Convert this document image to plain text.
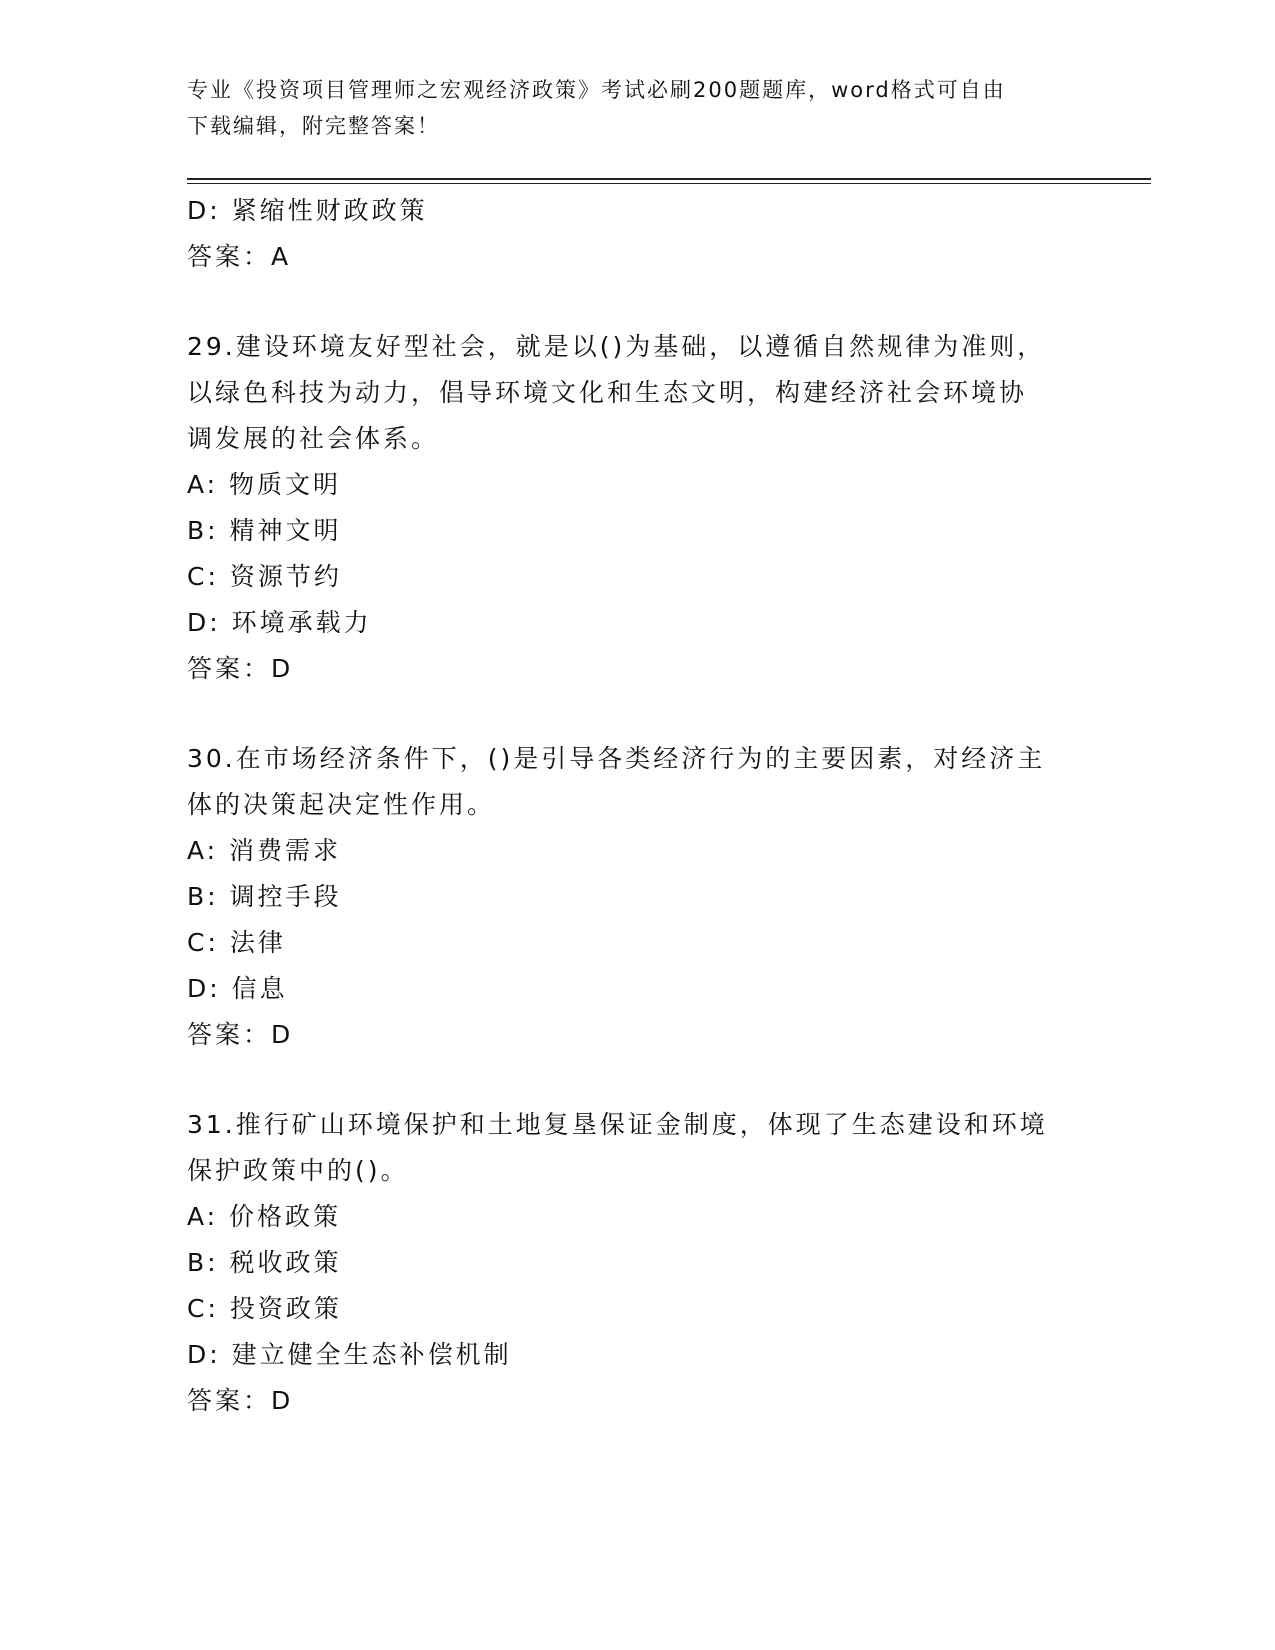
专业《投资项目管理师之宏观经济政策》考试必刷200题题库，word格式可自由
下载编辑，附完整答案！
D: 紧缩性财政政策
答案：A
29.建设环境友好型社会，就是以()为基础，以遵循自然规律为准则，
以绿色科技为动力，倡导环境文化和生态文明，构建经济社会环境协
调发展的社会体系。
A: 物质文明
B: 精神文明
C: 资源节约
D: 环境承载力
答案：D
30.在市场经济条件下，()是引导各类经济行为的主要因素，对经济主
体的决策起决定性作用。
A: 消费需求
B: 调控手段
C: 法律
D: 信息
答案：D
31.推行矿山环境保护和土地复垦保证金制度，体现了生态建设和环境
保护政策中的()。
A: 价格政策
B: 税收政策
C: 投资政策
D: 建立健全生态补偿机制
答案：D
